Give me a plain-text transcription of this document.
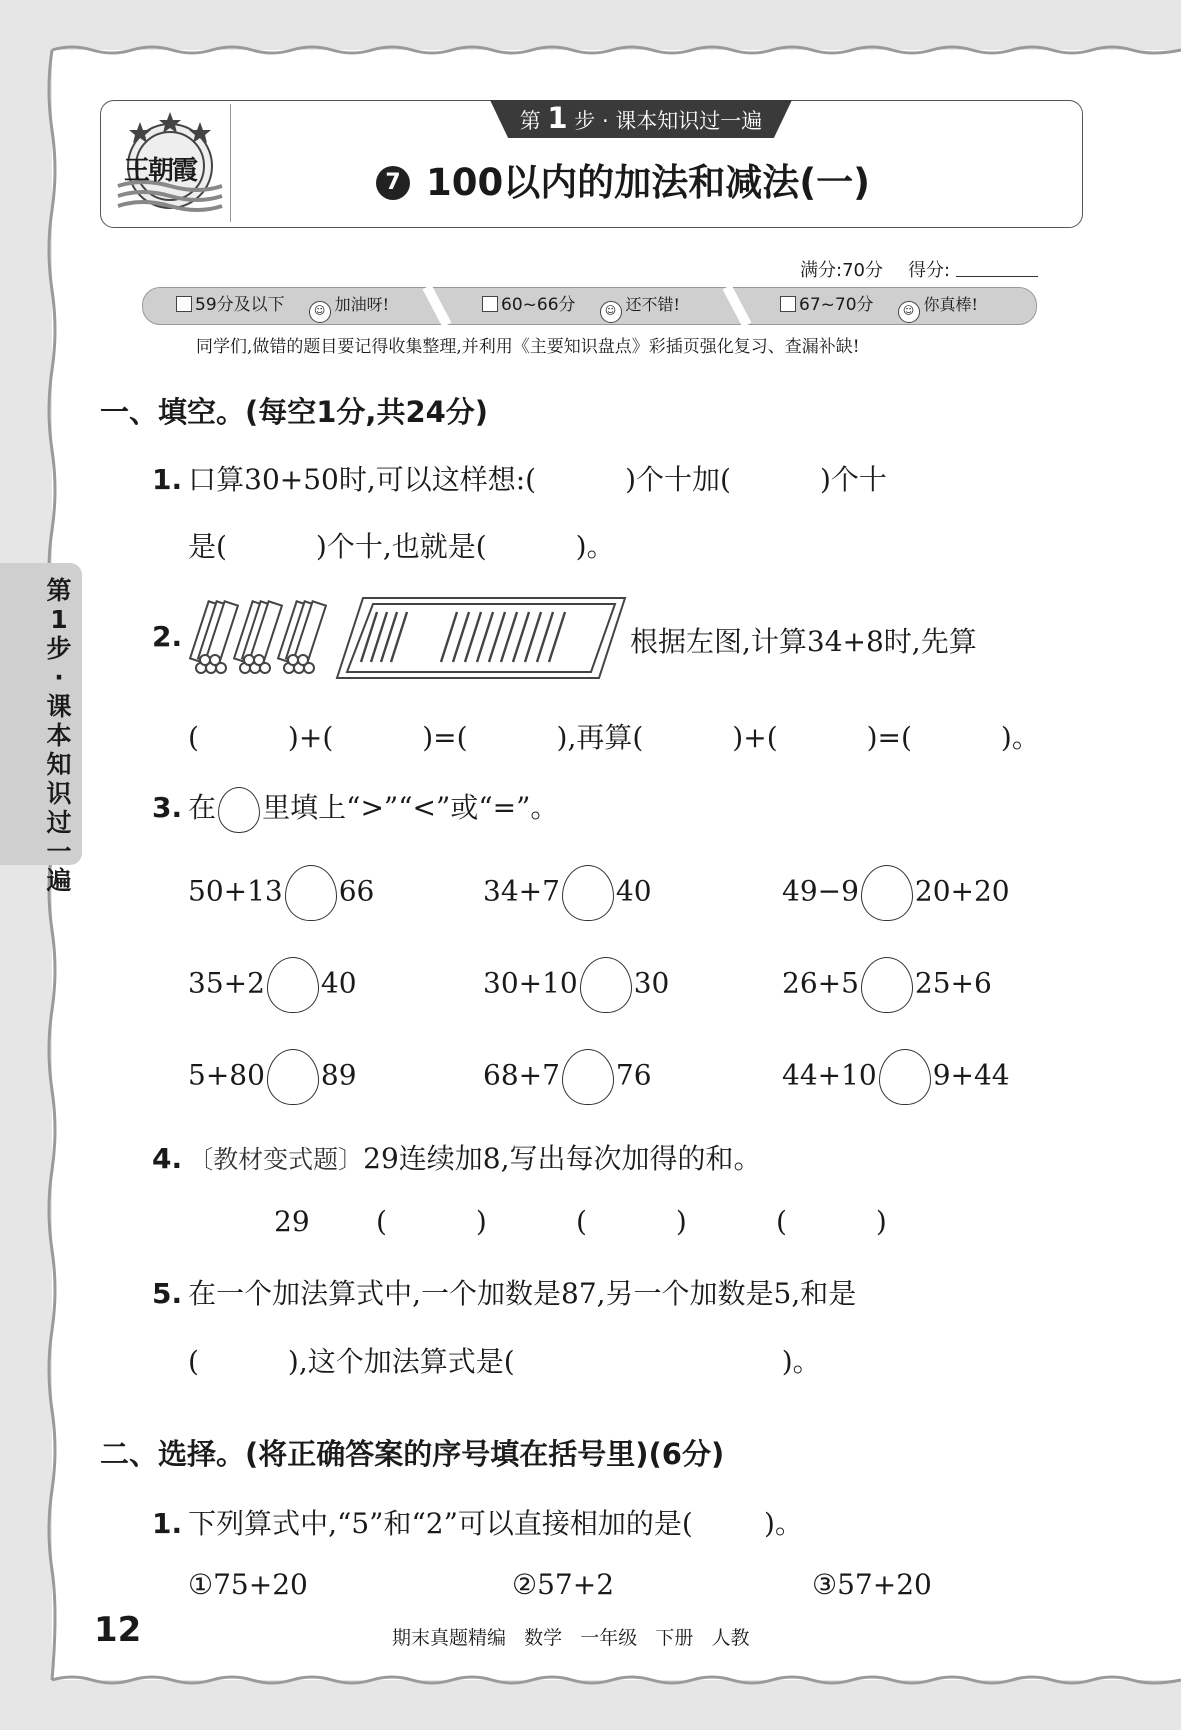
王朝霞
第 1 步 · 课本知识过一遍
7 100以内的加法和减法(一)
满分:70分 得分:
59分及以下	☺ 加油呀!	60~66分	☺ 还不错!	67~70分	☺ 你真棒!
同学们,做错的题目要记得收集整理,并利用《主要知识盘点》彩插页强化复习、查漏补缺!
第1步·课本知识过一遍
一、填空。(每空1分,共24分)
1. 口算30+50时,可以这样想:(          )个十加(          )个十
是(          )个十,也就是(          )。
2.	根据左图,计算34+8时,先算
(          )+(          )=(          ),再算(          )+(          )=(          )。
3. 在 里填上“>”“<”或“=”。
50+13 66	34+7 40	49−9 20+20
35+2 40	30+10 30	26+5 25+6
5+80 89	68+7 76	44+10 9+44
4. 〔教材变式题〕29连续加8,写出每次加得的和。
29 (          )	(          )	(          )
5. 在一个加法算式中,一个加数是87,另一个加数是5,和是
(          ),这个加法算式是(                              )。
二、选择。(将正确答案的序号填在括号里)(6分)
1. 下列算式中,“5”和“2”可以直接相加的是(        )。
①75+20	②57+2	③57+20
12	期末真题精编   数学   一年级   下册   人教
